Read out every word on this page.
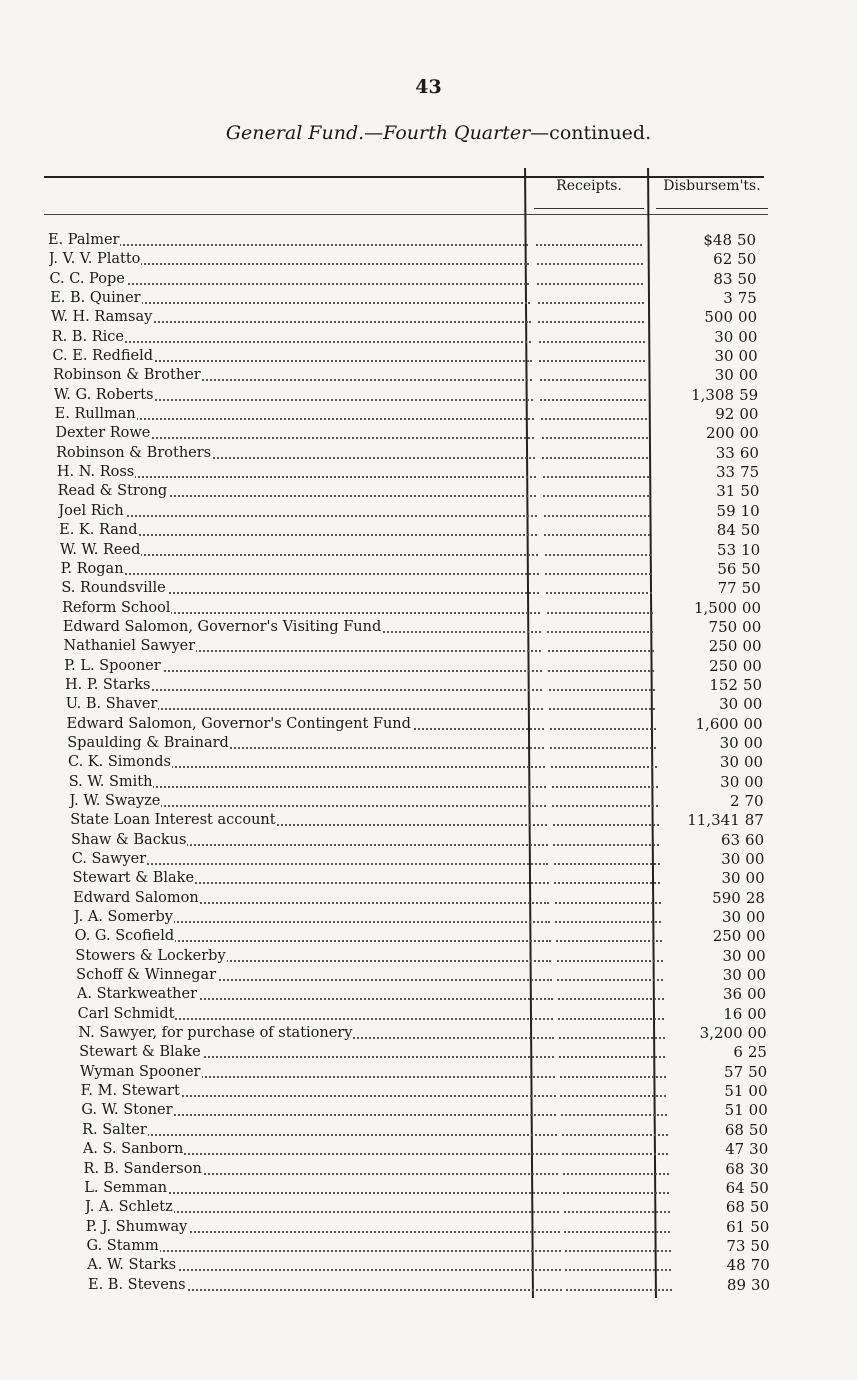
43
General Fund.—Fourth Quarter—continued.
Receipts.	Disbursem'ts.
E. Palmer	$48 50
J. V. V. Platto	62 50
C. C. Pope	83 50
E. B. Quiner	3 75
W. H. Ramsay	500 00
R. B. Rice	30 00
C. E. Redfield	30 00
Robinson & Brother	30 00
W. G. Roberts	1,308 59
E. Rullman	92 00
Dexter Rowe	200 00
Robinson & Brothers	33 60
H. N. Ross	33 75
Read & Strong	31 50
Joel Rich	59 10
E. K. Rand	84 50
W. W. Reed	53 10
P. Rogan	56 50
S. Roundsville	77 50
Reform School	1,500 00
Edward Salomon, Governor's Visiting Fund	750 00
Nathaniel Sawyer	250 00
P. L. Spooner	250 00
H. P. Starks	152 50
U. B. Shaver	30 00
Edward Salomon, Governor's Contingent Fund	1,600 00
Spaulding & Brainard	30 00
C. K. Simonds	30 00
S. W. Smith	30 00
J. W. Swayze	2 70
State Loan Interest account	11,341 87
Shaw & Backus	63 60
C. Sawyer	30 00
Stewart & Blake	30 00
Edward Salomon	590 28
J. A. Somerby	30 00
O. G. Scofield	250 00
Stowers & Lockerby	30 00
Schoff & Winnegar	30 00
A. Starkweather	36 00
Carl Schmidt	16 00
N. Sawyer, for purchase of stationery	3,200 00
Stewart & Blake	6 25
Wyman Spooner	57 50
F. M. Stewart	51 00
G. W. Stoner	51 00
R. Salter	68 50
A. S. Sanborn	47 30
R. B. Sanderson	68 30
L. Semman	64 50
J. A. Schletz	68 50
P. J. Shumway	61 50
G. Stamm	73 50
A. W. Starks	48 70
E. B. Stevens	89 30
